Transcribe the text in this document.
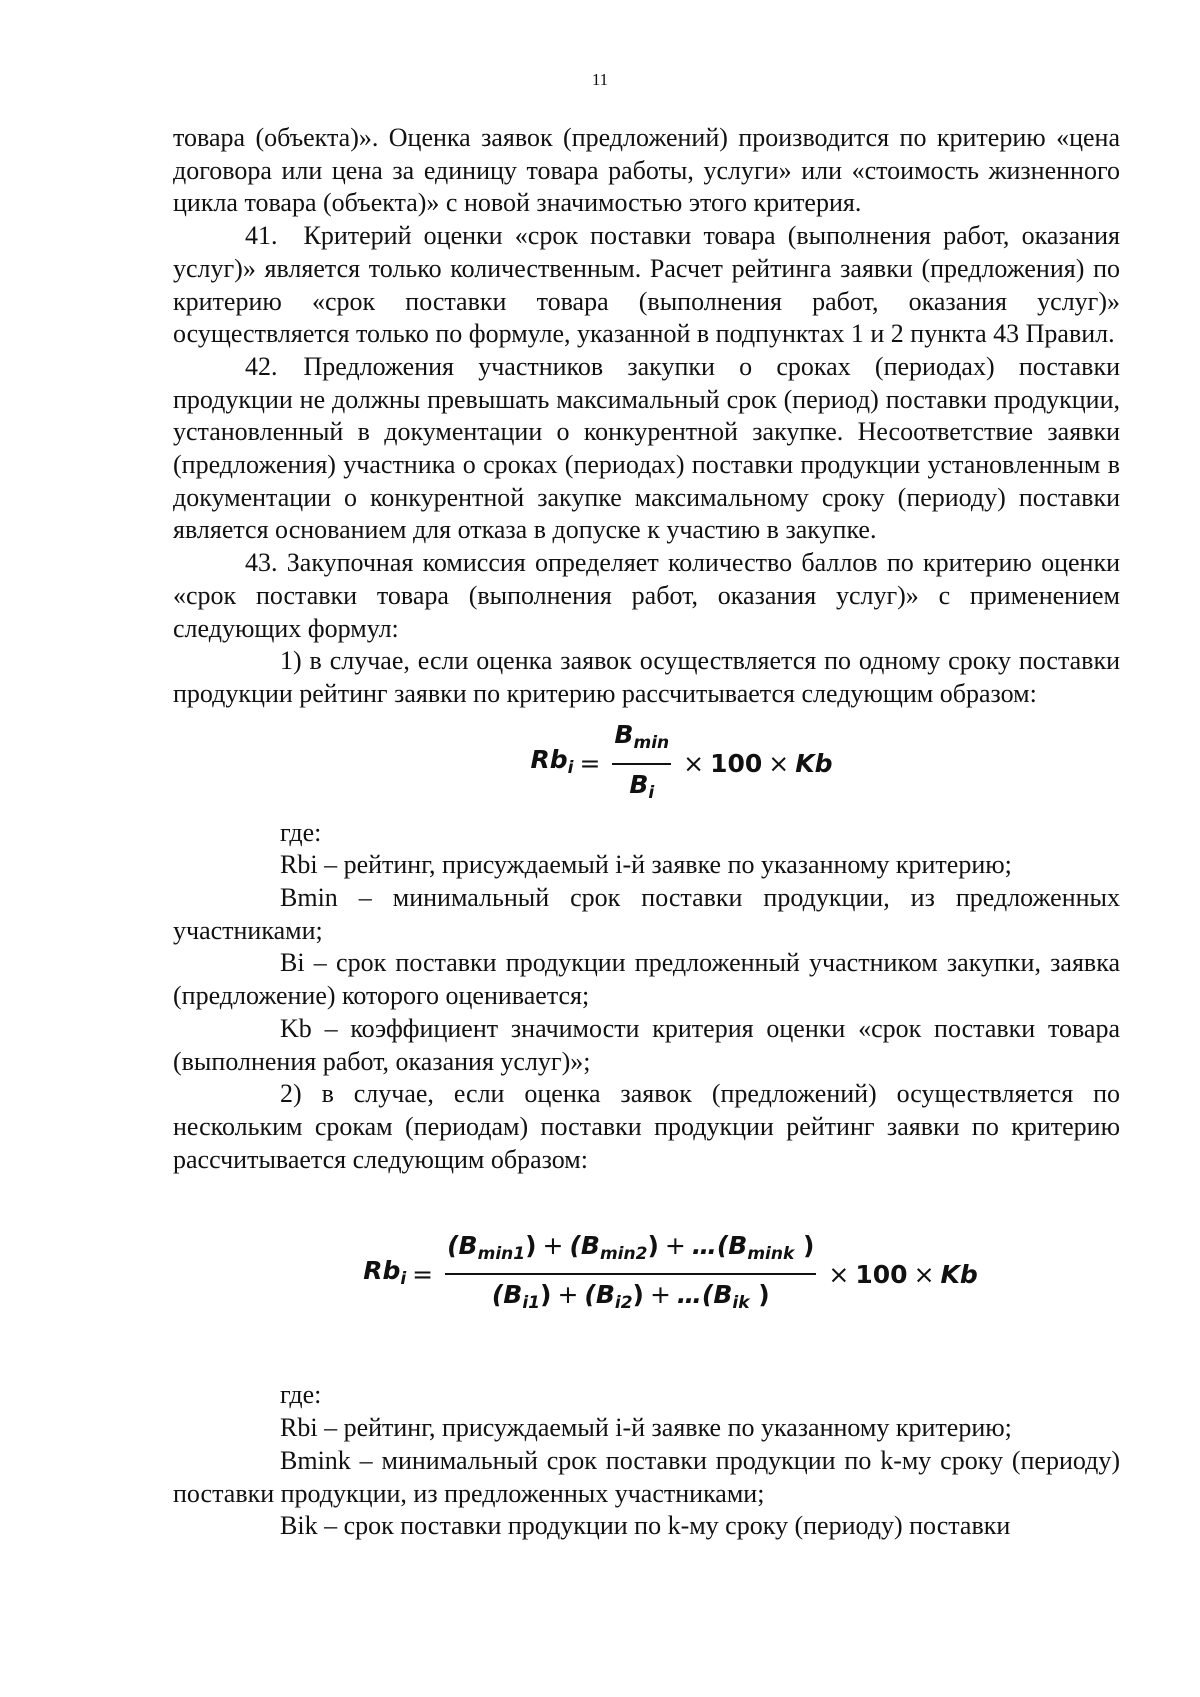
11

товара (объекта)». Оценка заявок (предложений) производится по критерию «цена договора или цена за единицу товара работы, услуги» или «стоимость жизненного цикла товара (объекта)» с новой значимостью этого критерия.

41. Критерий оценки «срок поставки товара (выполнения работ, оказания услуг)» является только количественным. Расчет рейтинга заявки (предложения) по критерию «срок поставки товара (выполнения работ, оказания услуг)» осуществляется только по формуле, указанной в подпунктах 1 и 2 пункта 43 Правил.

42. Предложения участников закупки о сроках (периодах) поставки продукции не должны превышать максимальный срок (период) поставки продукции, установленный в документации о конкурентной закупке. Несоответствие заявки (предложения) участника о сроках (периодах) поставки продукции установленным в документации о конкурентной закупке максимальному сроку (периоду) поставки является основанием для отказа в допуске к участию в закупке.

43. Закупочная комиссия определяет количество баллов по критерию оценки «срок поставки товара (выполнения работ, оказания услуг)» с применением следующих формул:

1) в случае, если оценка заявок осуществляется по одному сроку поставки продукции рейтинг заявки по критерию рассчитывается следующим образом:

$Rb_i = \frac{B_{min}}{B_i} \times 100 \times Kb$

где:

Rbi – рейтинг, присуждаемый i-й заявке по указанному критерию;

Bmin – минимальный срок поставки продукции, из предложенных участниками;

Bi – срок поставки продукции предложенный участником закупки, заявка (предложение) которого оценивается;

Kb – коэффициент значимости критерия оценки «срок поставки товара (выполнения работ, оказания услуг)»;

2) в случае, если оценка заявок (предложений) осуществляется по нескольким срокам (периодам) поставки продукции рейтинг заявки по критерию рассчитывается следующим образом:

$Rb_i = \frac{(B_{min1}) + (B_{min2}) + \dots(B_{mink} )}{(B_{i1}) + (B_{i2}) + \dots(B_{ik} )} \times 100 \times Kb$

где:

Rbi – рейтинг, присуждаемый i-й заявке по указанному критерию;

Bmink – минимальный срок поставки продукции по k-му сроку (периоду) поставки продукции, из предложенных участниками;

Bik – срок поставки продукции по k-му сроку (периоду) поставки
